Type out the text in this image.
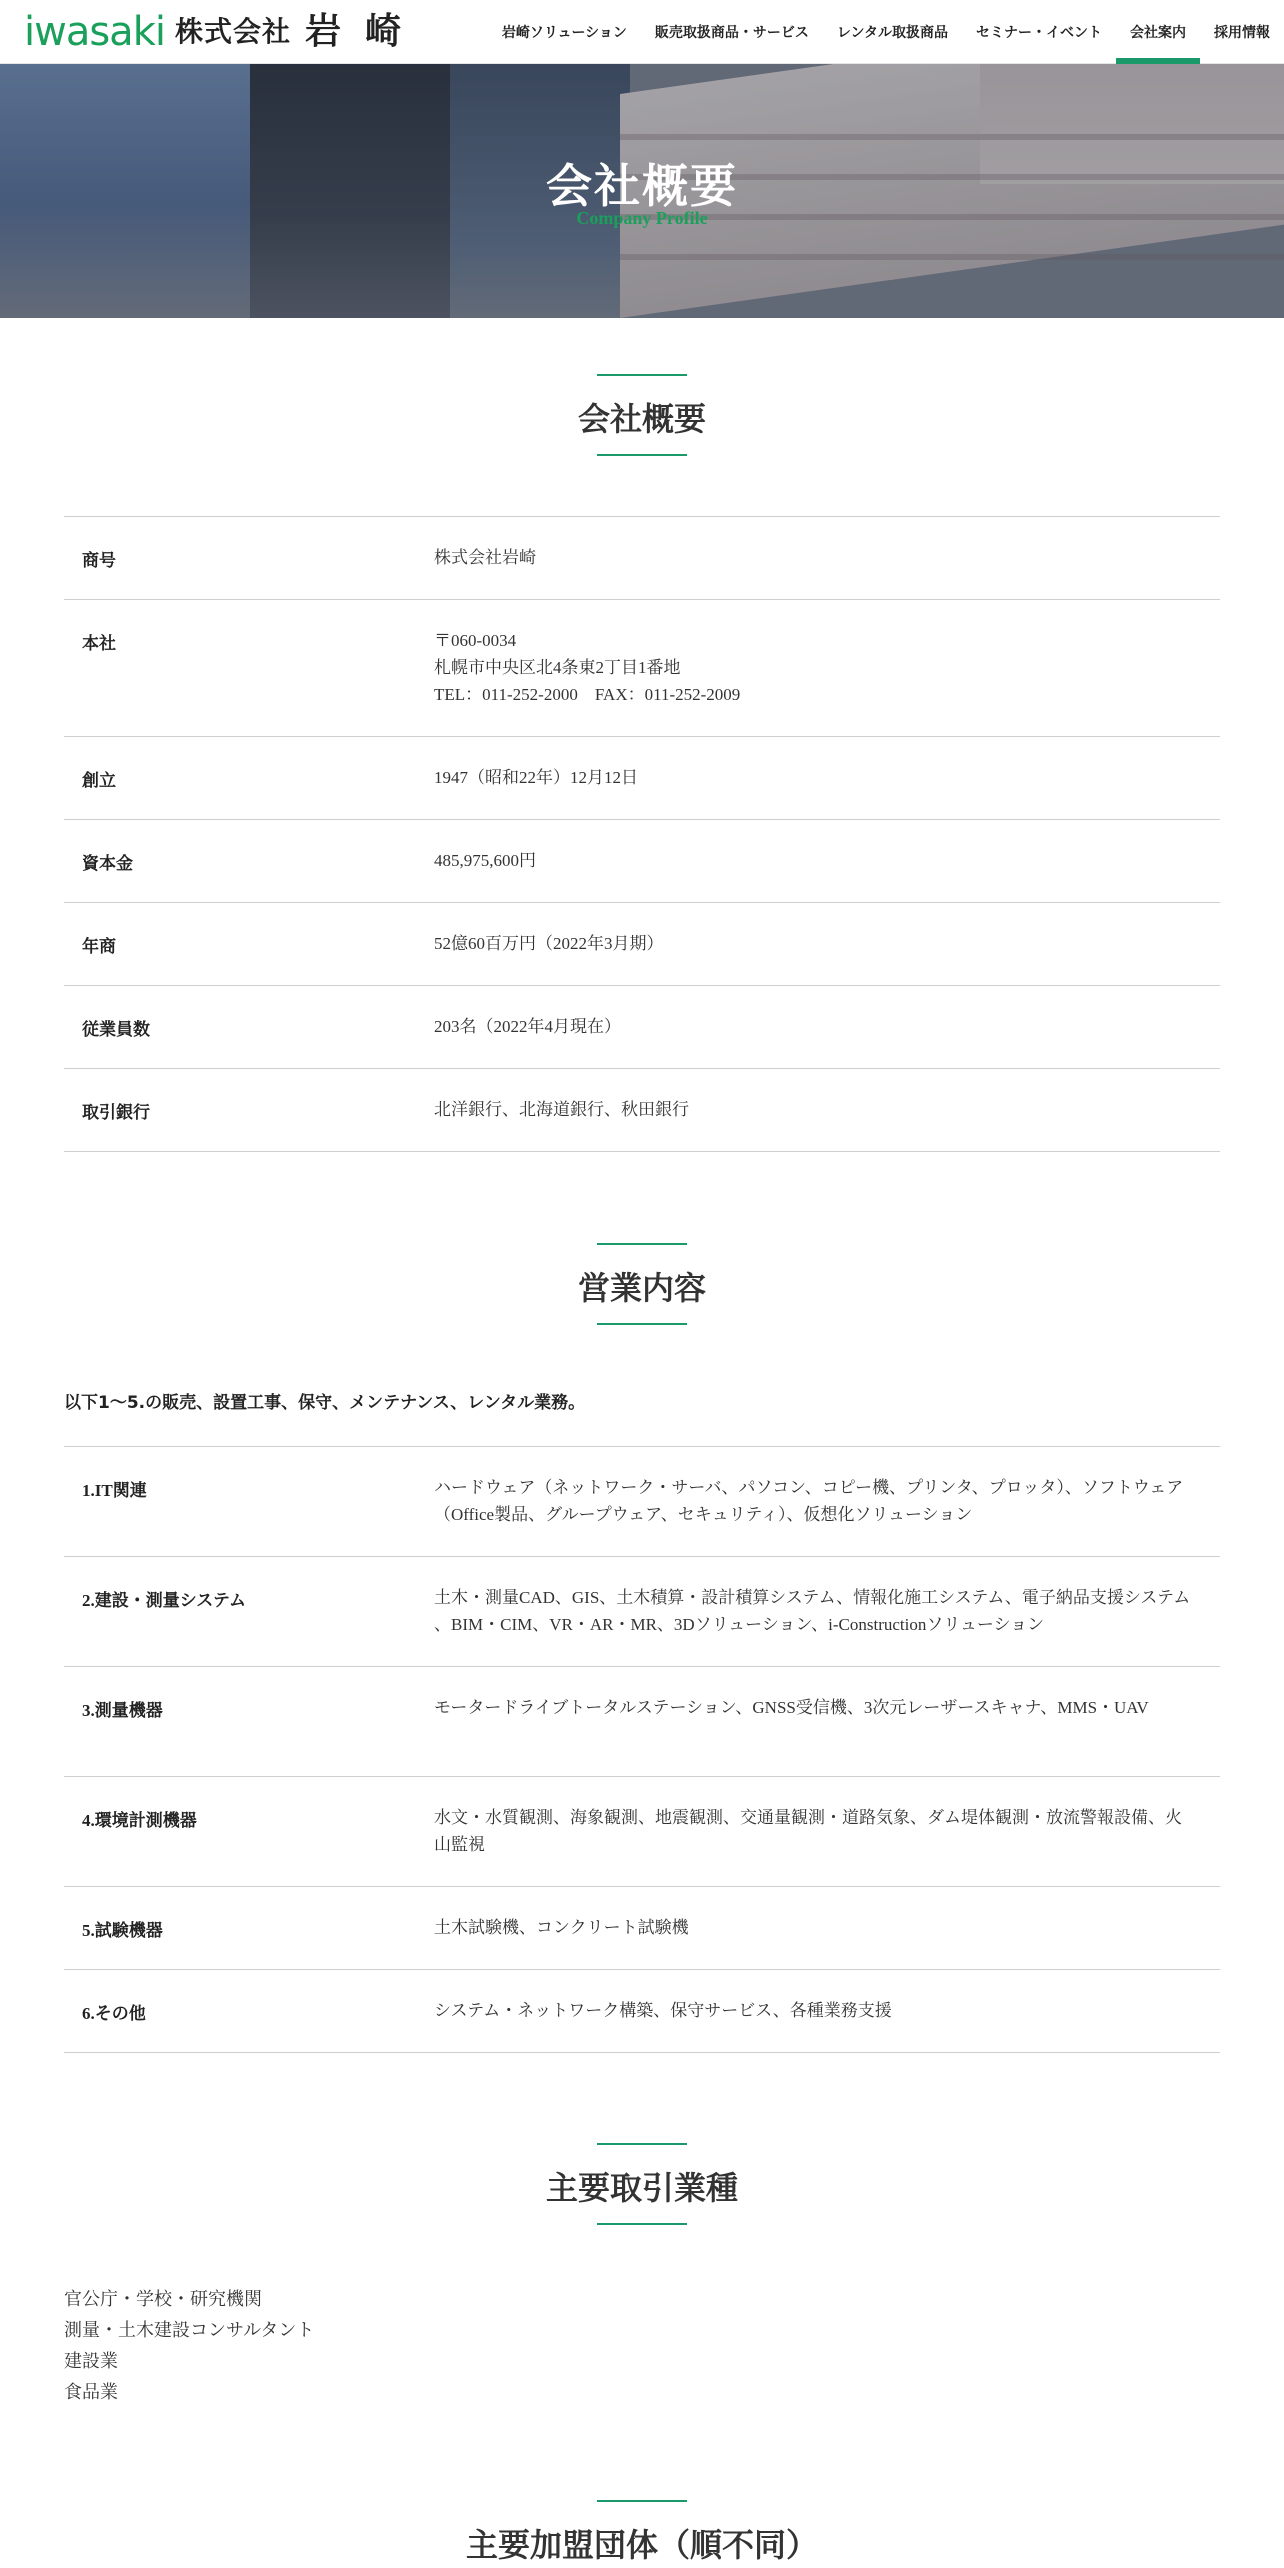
iwasaki 株式会社 岩崎	岩崎ソリューション	販売取扱商品・サービス	レンタル取扱商品	セミナー・イベント	会社案内	採用情報
会社概要
Company Profile
会社概要
商号	株式会社岩崎
本社	〒060-0034
札幌市中央区北4条東2丁目1番地
TEL：011-252-2000　FAX：011-252-2009
創立	1947（昭和22年）12月12日
資本金	485,975,600円
年商	52億60百万円（2022年3月期）
従業員数	203名（2022年4月現在）
取引銀行	北洋銀行、北海道銀行、秋田銀行
営業内容
以下1～5.の販売、設置工事、保守、メンテナンス、レンタル業務。
1.IT関連	ハードウェア（ネットワーク・サーバ、パソコン、コピー機、プリンタ、プロッタ）、ソフトウェア（Office製品、グループウェア、セキュリティ）、仮想化ソリューション
2.建設・測量システム	土木・測量CAD、GIS、土木積算・設計積算システム、情報化施工システム、電子納品支援システム 、BIM・CIM、VR・AR・MR、3Dソリューション、i-Constructionソリューション
3.測量機器	モータードライブトータルステーション、GNSS受信機、3次元レーザースキャナ、MMS・UAV
4.環境計測機器	水文・水質観測、海象観測、地震観測、交通量観測・道路気象、ダム堤体観測・放流警報設備、火山監視
5.試験機器	土木試験機、コンクリート試験機
6.その他	システム・ネットワーク構築、保守サービス、各種業務支援
主要取引業種
官公庁・学校・研究機関
測量・土木建設コンサルタント
建設業
食品業
主要加盟団体（順不同）
